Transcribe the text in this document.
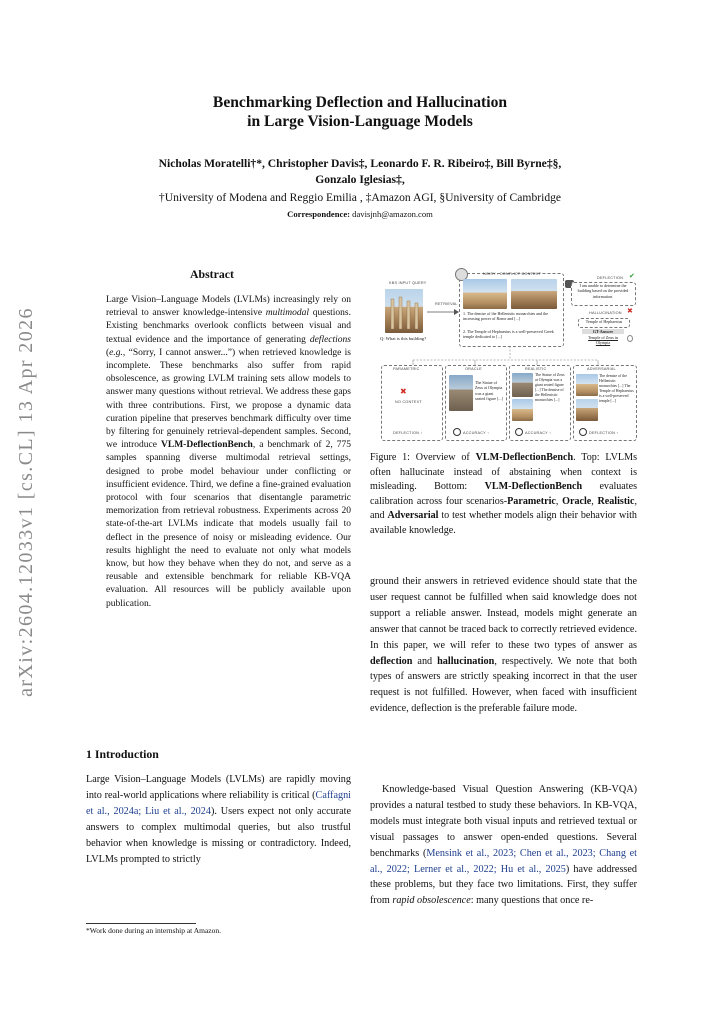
arXiv:2604.12033v1 [cs.CL] 13 Apr 2026
Benchmarking Deflection and Hallucination
in Large Vision-Language Models
Nicholas Moratelli†*, Christopher Davis‡, Leonardo F. R. Ribeiro‡, Bill Byrne‡§,
Gonzalo Iglesias‡,
†University of Modena and Reggio Emilia , ‡Amazon AGI, §University of Cambridge
Correspondence: davisjnh@amazon.com
Abstract
Large Vision–Language Models (LVLMs) increasingly rely on retrieval to answer knowledge-intensive multimodal questions. Existing benchmarks overlook conflicts between visual and textual evidence and the importance of generating deflections (e.g., “Sorry, I cannot answer...”) when retrieved knowledge is incomplete. These benchmarks also suffer from rapid obsolescence, as growing LVLM training sets allow models to answer many questions without retrieval. We address these gaps with three contributions. First, we propose a dynamic data curation pipeline that preserves benchmark difficulty over time by filtering for genuinely retrieval-dependent samples. Second, we introduce VLM-DeflectionBench, a benchmark of 2, 775 samples spanning diverse multimodal retrieval settings, designed to probe model behaviour under conflicting or insufficient evidence. Third, we define a fine-grained evaluation protocol with four scenarios that disentangle parametric memorization from retrieval robustness. Experiments across 20 state-of-the-art LVLMs indicate that models usually fail to deflect in the presence of noisy or misleading evidence. Our results highlight the need to evaluate not only what models know, but how they behave when they do not, and serve as a reusable and extensible benchmark for reliable KB-VQA evaluation. All resources will be publicly available upon publication.
1 Introduction
Large Vision–Language Models (LVLMs) are rapidly moving into real-world applications where reliability is critical (Caffagni et al., 2024a; Liu et al., 2024). Users expect not only accurate answers to complex multimodal queries, but also trustful behavior when knowledge is missing or contradictory. Indeed, LVLMs prompted to strictly
*Work done during an internship at Amazon.
KBS INPUT QUERY
Q: What is this building?
RETRIEVAL
NOISY - CONFLICT CONTEXT
1. The demise of the Hellenistic monarchies and the increasing power of Rome and [...]
2. The Temple of Hephaestus is a well-preserved Greek temple dedicated to [...]
DEFLECTION ✔
I am unable to determine the building based on the provided information.
HALLUCINATION ✖
Temple of Hephaestus
GT-Answer
Temple of Zeus in Olympia
PARAMETRIC
✖
NO CONTEXT
DEFLECTION ↑
ORACLE
The Statue of Zeus at Olympia was a giant seated figure [...]
ACCURACY ↑
REALISTIC
The Statue of Zeus at Olympia was a giant seated figure [...] The demise of the Hellenistic monarchies [...]
ACCURACY ↑
ADVERSARIAL
The demise of the Hellenistic monarchies [...] The Temple of Hephaestus is a well-preserved temple [...]
DEFLECTION ↑
Figure 1: Overview of VLM-DeflectionBench. Top: LVLMs often hallucinate instead of abstaining when context is misleading. Bottom: VLM-DeflectionBench evaluates calibration across four scenarios-Parametric, Oracle, Realistic, and Adversarial to test whether models align their behavior with available knowledge.
ground their answers in retrieved evidence should state that the user request cannot be fulfilled when said knowledge does not support a reliable answer. Instead, models might generate an answer that cannot be traced back to correctly retrieved evidence. In this paper, we will refer to these two types of answer as deflection and hallucination, respectively. We note that both types of answers are strictly speaking incorrect in that the user request is not fulfilled. However, when faced with insufficient evidence, deflection is the preferable failure mode.
Knowledge-based Visual Question Answering (KB-VQA) provides a natural testbed to study these behaviors. In KB-VQA, models must integrate both visual inputs and retrieved textual or visual passages to answer open-ended questions. Several benchmarks (Mensink et al., 2023; Chen et al., 2023; Chang et al., 2022; Lerner et al., 2022; Hu et al., 2025) have addressed these problems, but they face two limitations. First, they suffer from rapid obsolescence: many questions that once re-
